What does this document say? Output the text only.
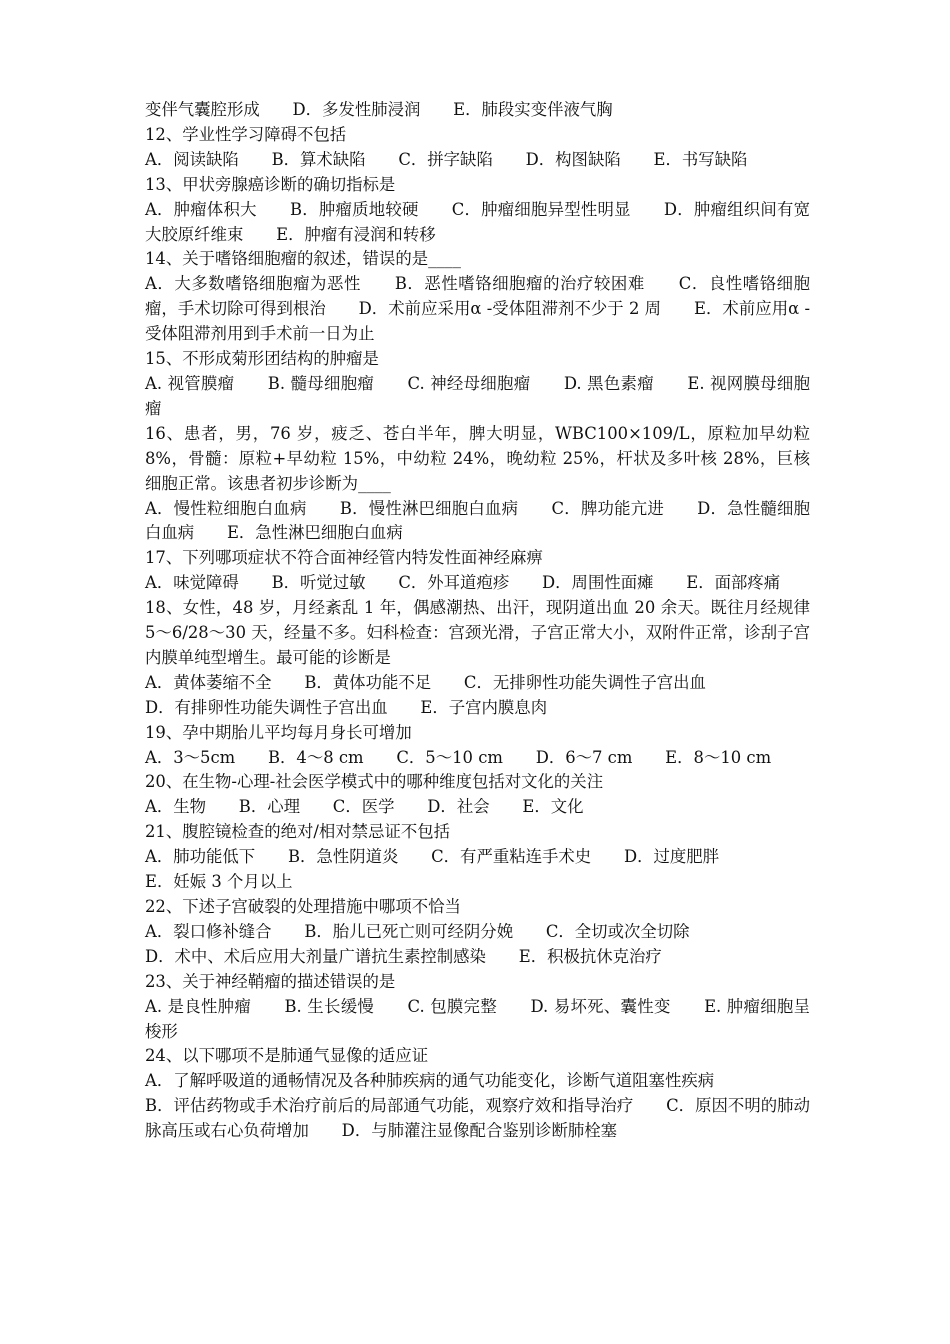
变伴气囊腔形成　　D．多发性肺浸润　　E．肺段实变伴液气胸

12、学业性学习障碍不包括

A．阅读缺陷　　B．算术缺陷　　C．拼字缺陷　　D．构图缺陷　　E．书写缺陷

13、甲状旁腺癌诊断的确切指标是

A．肿瘤体积大　　B．肿瘤质地较硬　　C．肿瘤细胞异型性明显　　D．肿瘤组织间有宽大胶原纤维束　　E．肿瘤有浸润和转移

14、关于嗜铬细胞瘤的叙述，错误的是____

A．大多数嗜铬细胞瘤为恶性　　B．恶性嗜铬细胞瘤的治疗较困难　　C．良性嗜铬细胞瘤，手术切除可得到根治　　D．术前应采用α -受体阻滞剂不少于 2 周　　E．术前应用α -受体阻滞剂用到手术前一日为止

15、不形成菊形团结构的肿瘤是

A. 视管膜瘤　　B. 髓母细胞瘤　　C. 神经母细胞瘤　　D. 黑色素瘤　　E. 视网膜母细胞瘤

16、患者，男，76 岁，疲乏、苍白半年，脾大明显，WBC100×109/L，原粒加早幼粒 8%，骨髓：原粒+早幼粒 15%，中幼粒 24%，晚幼粒 25%，杆状及多叶核 28%，巨核细胞正常。该患者初步诊断为____

A．慢性粒细胞白血病　　B．慢性淋巴细胞白血病　　C．脾功能亢进　　D．急性髓细胞白血病　　E．急性淋巴细胞白血病

17、下列哪项症状不符合面神经管内特发性面神经麻痹

A．味觉障碍　　B．听觉过敏　　C．外耳道疱疹　　D．周围性面瘫　　E．面部疼痛

18、女性，48 岁，月经紊乱 1 年，偶感潮热、出汗，现阴道出血 20 余天。既往月经规律 5～6/28～30 天，经量不多。妇科检查：宫颈光滑，子宫正常大小，双附件正常，诊刮子宫内膜单纯型增生。最可能的诊断是

A．黄体萎缩不全　　B．黄体功能不足　　C．无排卵性功能失调性子宫出血

D．有排卵性功能失调性子宫出血　　E．子宫内膜息肉

19、孕中期胎儿平均每月身长可增加

A．3～5cm　　B．4～8 cm　　C．5～10 cm　　D．6～7 cm　　E．8～10 cm

20、在生物-心理-社会医学模式中的哪种维度包括对文化的关注

A．生物　　B．心理　　C．医学　　D．社会　　E．文化

21、腹腔镜检查的绝对/相对禁忌证不包括

A．肺功能低下　　B．急性阴道炎　　C．有严重粘连手术史　　D．过度肥胖

E．妊娠 3 个月以上

22、下述子宫破裂的处理措施中哪项不恰当

A．裂口修补缝合　　B．胎儿已死亡则可经阴分娩　　C．全切或次全切除

D．术中、术后应用大剂量广谱抗生素控制感染　　E．积极抗休克治疗

23、关于神经鞘瘤的描述错误的是

A. 是良性肿瘤　　B. 生长缓慢　　C. 包膜完整　　D. 易坏死、囊性变　　E. 肿瘤细胞呈梭形

24、以下哪项不是肺通气显像的适应证

A．了解呼吸道的通畅情况及各种肺疾病的通气功能变化，诊断气道阻塞性疾病

B．评估药物或手术治疗前后的局部通气功能，观察疗效和指导治疗　　C．原因不明的肺动脉高压或右心负荷增加　　D．与肺灌注显像配合鉴别诊断肺栓塞
